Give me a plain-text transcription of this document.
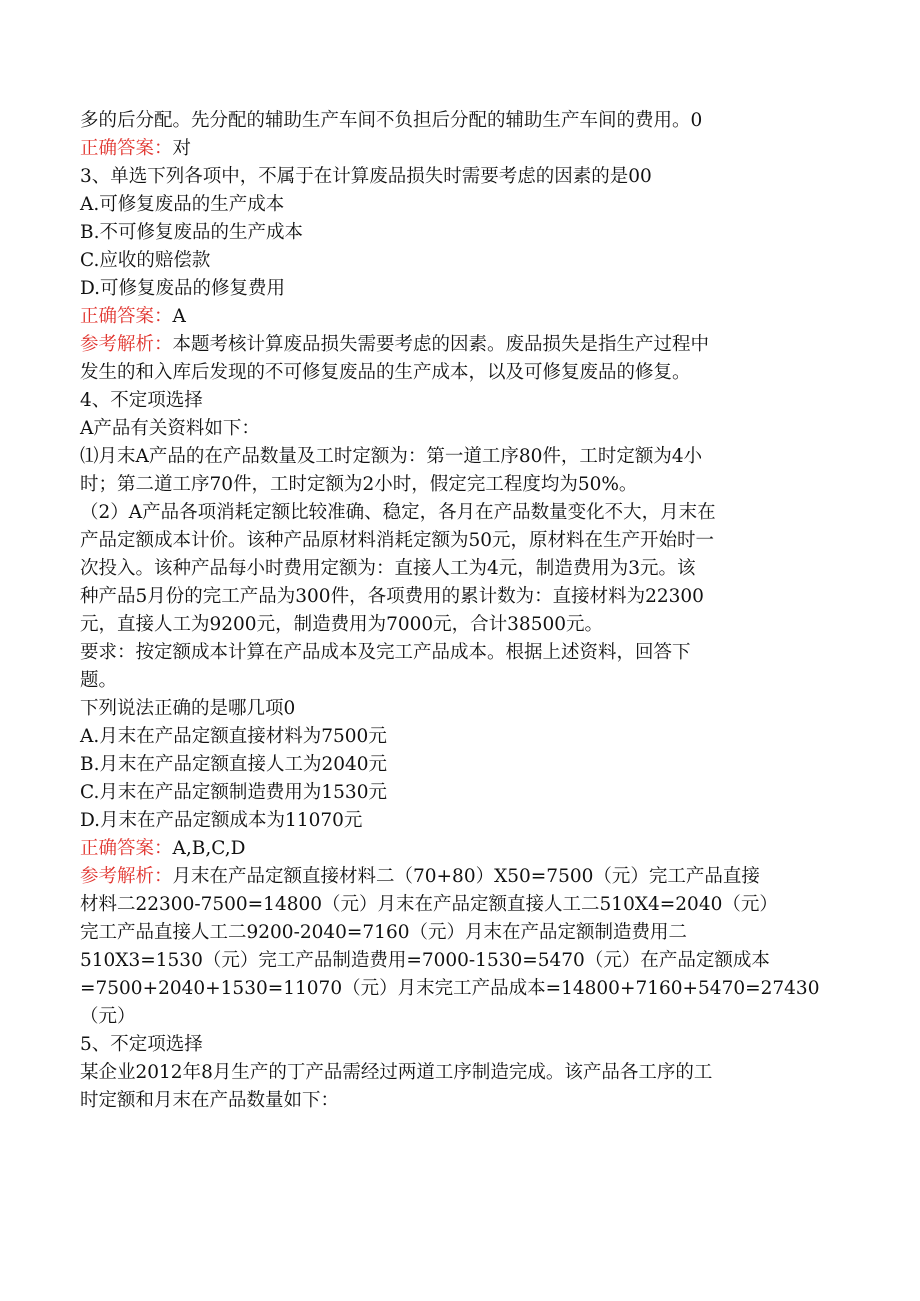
多的后分配。先分配的辅助生产车间不负担后分配的辅助生产车间的费用。0
正确答案：对
3、单选下列各项中，不属于在计算废品损失时需要考虑的因素的是00
A.可修复废品的生产成本
B.不可修复废品的生产成本
C.应收的赔偿款
D.可修复废品的修复费用
正确答案：A
参考解析：本题考核计算废品损失需要考虑的因素。废品损失是指生产过程中
发生的和入库后发现的不可修复废品的生产成本，以及可修复废品的修复。
4、不定项选择
A产品有关资料如下：
⑴月末A产品的在产品数量及工时定额为：第一道工序80件，工时定额为4小
时；第二道工序70件，工时定额为2小时，假定完工程度均为50%。
（2）A产品各项消耗定额比较准确、稳定，各月在产品数量变化不大，月末在
产品定额成本计价。该种产品原材料消耗定额为50元，原材料在生产开始时一
次投入。该种产品每小时费用定额为：直接人工为4元，制造费用为3元。该
种产品5月份的完工产品为300件，各项费用的累计数为：直接材料为22300
元，直接人工为9200元，制造费用为7000元，合计38500元。
要求：按定额成本计算在产品成本及完工产品成本。根据上述资料，回答下
题。
下列说法正确的是哪几项0
A.月末在产品定额直接材料为7500元
B.月末在产品定额直接人工为2040元
C.月末在产品定额制造费用为1530元
D.月末在产品定额成本为11070元
正确答案：A,B,C,D
参考解析：月末在产品定额直接材料二（70+80）X50=7500（元）完工产品直接
材料二22300-7500=14800（元）月末在产品定额直接人工二510X4=2040（元）
完工产品直接人工二9200-2040=7160（元）月末在产品定额制造费用二
510X3=1530（元）完工产品制造费用=7000-1530=5470（元）在产品定额成本
=7500+2040+1530=11070（元）月末完工产品成本=14800+7160+5470=27430
（元）
5、不定项选择
某企业2012年8月生产的丁产品需经过两道工序制造完成。该产品各工序的工
时定额和月末在产品数量如下：
